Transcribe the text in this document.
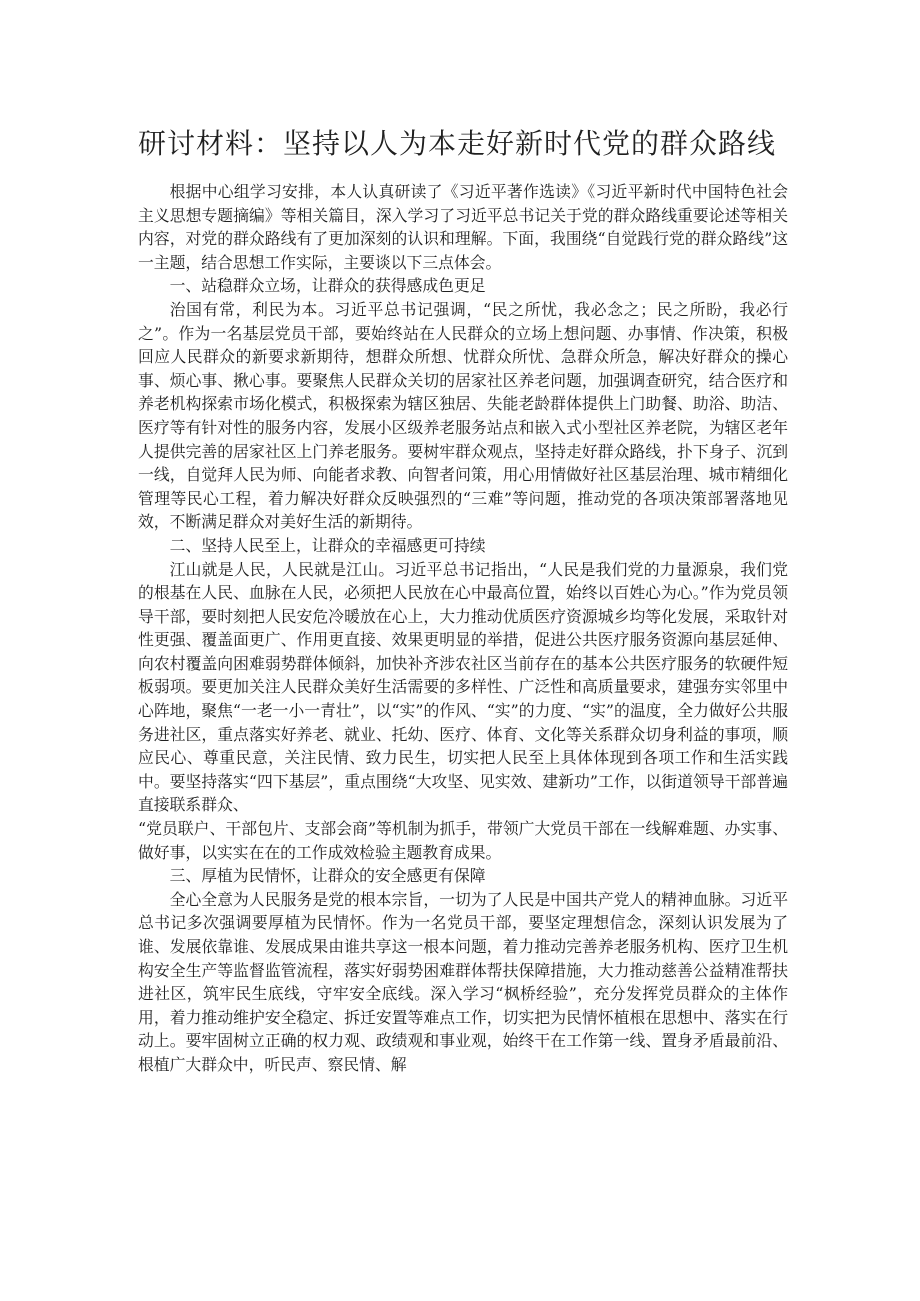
研讨材料：坚持以人为本走好新时代党的群众路线

根据中心组学习安排，本人认真研读了《习近平著作选读》《习近平新时代中国特色社会主义思想专题摘编》等相关篇目，深入学习了习近平总书记关于党的群众路线重要论述等相关内容，对党的群众路线有了更加深刻的认识和理解。下面，我围绕“自觉践行党的群众路线”这一主题，结合思想工作实际，主要谈以下三点体会。

一、站稳群众立场，让群众的获得感成色更足

治国有常，利民为本。习近平总书记强调，“民之所忧，我必念之；民之所盼，我必行之”。作为一名基层党员干部，要始终站在人民群众的立场上想问题、办事情、作决策，积极回应人民群众的新要求新期待，想群众所想、忧群众所忧、急群众所急，解决好群众的操心事、烦心事、揪心事。要聚焦人民群众关切的居家社区养老问题，加强调查研究，结合医疗和养老机构探索市场化模式，积极探索为辖区独居、失能老龄群体提供上门助餐、助浴、助洁、医疗等有针对性的服务内容，发展小区级养老服务站点和嵌入式小型社区养老院，为辖区老年人提供完善的居家社区上门养老服务。要树牢群众观点，坚持走好群众路线，扑下身子、沉到一线，自觉拜人民为师、向能者求教、向智者问策，用心用情做好社区基层治理、城市精细化管理等民心工程，着力解决好群众反映强烈的“三难”等问题，推动党的各项决策部署落地见效，不断满足群众对美好生活的新期待。

二、坚持人民至上，让群众的幸福感更可持续

江山就是人民，人民就是江山。习近平总书记指出，“人民是我们党的力量源泉，我们党的根基在人民、血脉在人民，必须把人民放在心中最高位置，始终以百姓心为心。”作为党员领导干部，要时刻把人民安危冷暖放在心上，大力推动优质医疗资源城乡均等化发展，采取针对性更强、覆盖面更广、作用更直接、效果更明显的举措，促进公共医疗服务资源向基层延伸、向农村覆盖向困难弱势群体倾斜，加快补齐涉农社区当前存在的基本公共医疗服务的软硬件短板弱项。要更加关注人民群众美好生活需要的多样性、广泛性和高质量要求，建强夯实邻里中心阵地，聚焦“一老一小一青壮”，以“实”的作风、“实”的力度、“实”的温度，全力做好公共服务进社区，重点落实好养老、就业、托幼、医疗、体育、文化等关系群众切身利益的事项，顺应民心、尊重民意，关注民情、致力民生，切实把人民至上具体体现到各项工作和生活实践中。要坚持落实“四下基层”，重点围绕“大攻坚、见实效、建新功”工作，以街道领导干部普遍直接联系群众、

“党员联户、干部包片、支部会商”等机制为抓手，带领广大党员干部在一线解难题、办实事、做好事，以实实在在的工作成效检验主题教育成果。

三、厚植为民情怀，让群众的安全感更有保障

全心全意为人民服务是党的根本宗旨，一切为了人民是中国共产党人的精神血脉。习近平总书记多次强调要厚植为民情怀。作为一名党员干部，要坚定理想信念，深刻认识发展为了谁、发展依靠谁、发展成果由谁共享这一根本问题，着力推动完善养老服务机构、医疗卫生机构安全生产等监督监管流程，落实好弱势困难群体帮扶保障措施，大力推动慈善公益精准帮扶进社区，筑牢民生底线，守牢安全底线。深入学习“枫桥经验”，充分发挥党员群众的主体作用，着力推动维护安全稳定、拆迁安置等难点工作，切实把为民情怀植根在思想中、落实在行动上。要牢固树立正确的权力观、政绩观和事业观，始终干在工作第一线、置身矛盾最前沿、根植广大群众中，听民声、察民情、解
